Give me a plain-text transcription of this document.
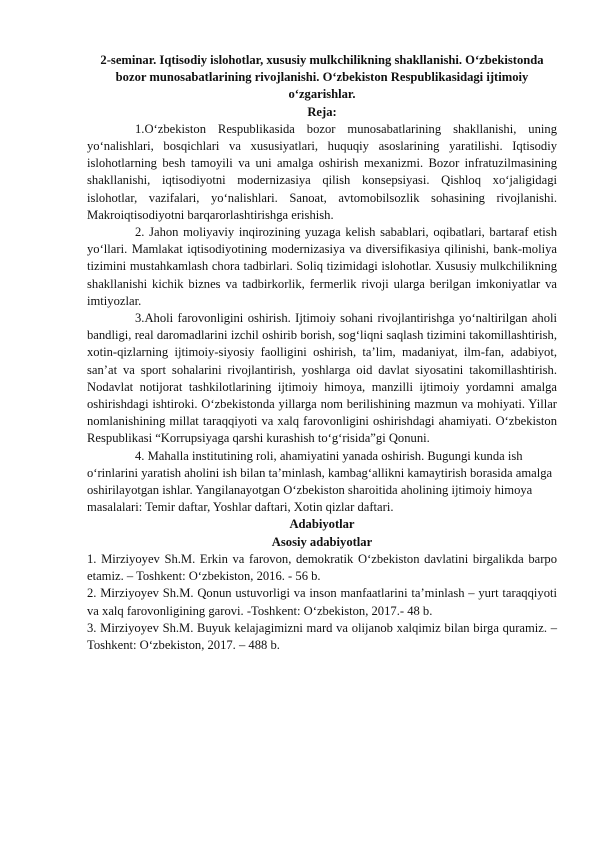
2-seminar. Iqtisodiy islohotlar, xususiy mulkchilikning shakllanishi. O‘zbekistonda bozor munosabatlarining rivojlanishi. O‘zbekiston Respublikasidagi ijtimoiy o‘zgarishlar.

Reja:

1.O‘zbekiston Respublikasida bozor munosabatlarining shakllanishi, uning yo‘nalishlari, bosqichlari va xususiyatlari, huquqiy asoslarining yaratilishi. Iqtisodiy islohotlarning besh tamoyili va uni amalga oshirish mexanizmi. Bozor infratuzilmasining shakllanishi, iqtisodiyotni modernizasiya qilish konsepsiyasi. Qishloq xo‘jaligidagi islohotlar, vazifalari, yo‘nalishlari. Sanoat, avtomobilsozlik sohasining rivojlanishi. Makroiqtisodiyotni barqarorlashtirishga erishish.

2. Jahon moliyaviy inqirozining yuzaga kelish sabablari, oqibatlari, bartaraf etish yo‘llari. Mamlakat iqtisodiyotining modernizasiya va diversifikasiya qilinishi, bank-moliya tizimini mustahkamlash chora tadbirlari. Soliq tizimidagi islohotlar. Xususiy mulkchilikning shakllanishi kichik biznes va tadbirkorlik, fermerlik rivoji ularga berilgan imkoniyatlar va imtiyozlar.

3.Aholi farovonligini oshirish. Ijtimoiy sohani rivojlantirishga yo‘naltirilgan aholi bandligi, real daromadlarini izchil oshirib borish, sog‘liqni saqlash tizimini takomillashtirish, xotin-qizlarning ijtimoiy-siyosiy faolligini oshirish, ta’lim, madaniyat, ilm-fan, adabiyot, san’at va sport sohalarini rivojlantirish, yoshlarga oid davlat siyosatini takomillashtirish. Nodavlat notijorat tashkilotlarining ijtimoiy himoya, manzilli ijtimoiy yordamni amalga oshirishdagi ishtiroki. O‘zbekistonda yillarga nom berilishining mazmun va mohiyati. Yillar nomlanishining millat taraqqiyoti va xalq farovonligini oshirishdagi ahamiyati. O‘zbekiston Respublikasi “Korrupsiyaga qarshi kurashish to‘g‘risida”gi Qonuni.

4. Mahalla institutining roli, ahamiyatini yanada oshirish. Bugungi kunda ish o‘rinlarini yaratish aholini ish bilan ta’minlash, kambag‘allikni kamaytirish borasida amalga oshirilayotgan ishlar. Yangilanayotgan O‘zbekiston sharoitida aholining ijtimoiy himoya masalalari: Temir daftar, Yoshlar daftari, Xotin qizlar daftari.

Adabiyotlar

Asosiy adabiyotlar

1. Mirziyoyev Sh.M. Erkin va farovon, demokratik O‘zbekiston davlatini birgalikda barpo etamiz. – Toshkent: O‘zbekiston, 2016. - 56 b.

2. Mirziyoyev Sh.M. Qonun ustuvorligi va inson manfaatlarini ta’minlash – yurt taraqqiyoti va xalq farovonligining garovi. -Toshkent: O‘zbekiston, 2017.- 48 b.

3. Mirziyoyev Sh.M. Buyuk kelajagimizni mard va olijanob xalqimiz bilan birga quramiz. – Toshkent: O‘zbekiston, 2017. – 488 b.
